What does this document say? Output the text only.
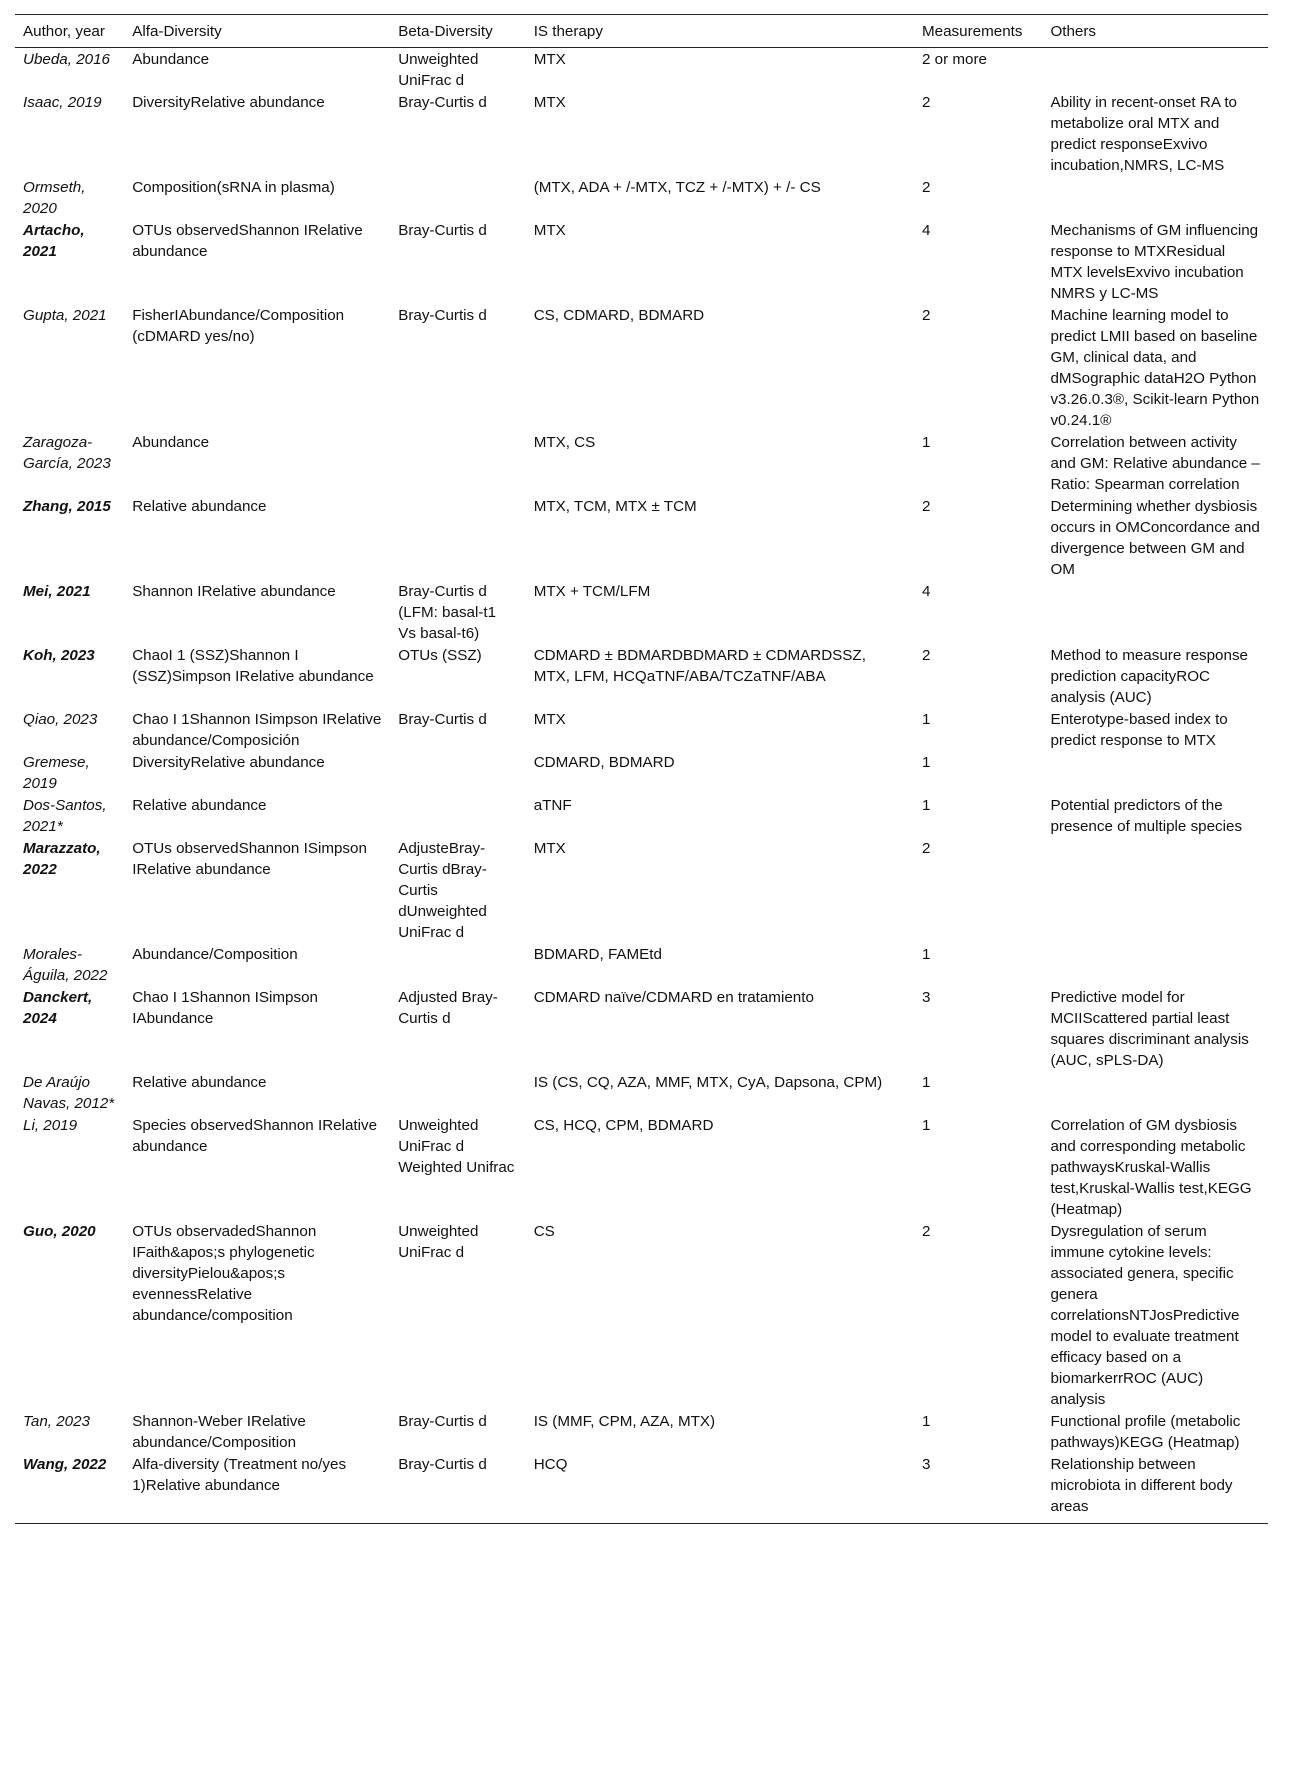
Author, year	Alfa-Diversity	Beta-Diversity	IS therapy	Measurements	Others
Ubeda, 2016	Abundance	Unweighted UniFrac d	MTX	2 or more	
Isaac, 2019	DiversityRelative abundance	Bray-Curtis d	MTX	2	Ability in recent-onset RA to metabolize oral MTX and predict responseExvivo incubation,NMRS, LC-MS
Ormseth, 2020	Composition(sRNA in plasma)		(MTX, ADA + /-MTX, TCZ + /-MTX) + /- CS	2	
Artacho, 2021	OTUs observedShannon IRelative abundance	Bray-Curtis d	MTX	4	Mechanisms of GM influencing response to MTXResidual MTX levelsExvivo incubation NMRS y LC-MS
Gupta, 2021	FisherIAbundance/Composition (cDMARD yes/no)	Bray-Curtis d	CS, CDMARD, BDMARD	2	Machine learning model to predict LMII based on baseline GM, clinical data, and dMSographic dataH2O Python v3.26.0.3®, Scikit-learn Python v0.24.1®
Zaragoza-García, 2023	Abundance		MTX, CS	1	Correlation between activity and GM: Relative abundance – Ratio: Spearman correlation
Zhang, 2015	Relative abundance		MTX, TCM, MTX ± TCM	2	Determining whether dysbiosis occurs in OMConcordance and divergence between GM and OM
Mei, 2021	Shannon IRelative abundance	Bray-Curtis d (LFM: basal-t1 Vs basal-t6)	MTX + TCM/LFM	4	
Koh, 2023	ChaoI 1 (SSZ)Shannon I (SSZ)Simpson IRelative abundance	OTUs (SSZ)	CDMARD ± BDMARDBDMARD ± CDMARDSSZ, MTX, LFM, HCQaTNF/ABA/TCZaTNF/ABA	2	Method to measure response prediction capacityROC analysis (AUC)
Qiao, 2023	Chao I 1Shannon ISimpson IRelative abundance/Composición	Bray-Curtis d	MTX	1	Enterotype-based index to predict response to MTX
Gremese, 2019	DiversityRelative abundance		CDMARD, BDMARD	1	
Dos-Santos, 2021*	Relative abundance		aTNF	1	Potential predictors of the presence of multiple species
Marazzato, 2022	OTUs observedShannon ISimpson IRelative abundance	AdjusteBray-Curtis dBray-Curtis dUnweighted UniFrac d	MTX	2	
Morales-Águila, 2022	Abundance/Composition		BDMARD, FAMEtd	1	
Danckert, 2024	Chao I 1Shannon ISimpson IAbundance	Adjusted Bray-Curtis d	CDMARD naïve/CDMARD en tratamiento	3	Predictive model for MCIIScattered partial least squares discriminant analysis (AUC, sPLS-DA)
De Araújo Navas, 2012*	Relative abundance		IS (CS, CQ, AZA, MMF, MTX, CyA, Dapsona, CPM)	1	
Li, 2019	Species observedShannon IRelative abundance	Unweighted UniFrac d Weighted Unifrac	CS, HCQ, CPM, BDMARD	1	Correlation of GM dysbiosis and corresponding metabolic pathwaysKruskal-Wallis test,Kruskal-Wallis test,KEGG (Heatmap)
Guo, 2020	OTUs observadedShannon IFaith&apos;s phylogenetic diversityPielou&apos;s evennessRelative abundance/composition	Unweighted UniFrac d	CS	2	Dysregulation of serum immune cytokine levels: associated genera, specific genera correlationsNTJosPredictive model to evaluate treatment efficacy based on a biomarkerrROC (AUC) analysis
Tan, 2023	Shannon-Weber IRelative abundance/Composition	Bray-Curtis d	IS (MMF, CPM, AZA, MTX)	1	Functional profile (metabolic pathways)KEGG (Heatmap)
Wang, 2022	Alfa-diversity (Treatment no/yes 1)Relative abundance	Bray-Curtis d	HCQ	3	Relationship between microbiota in different body areas
